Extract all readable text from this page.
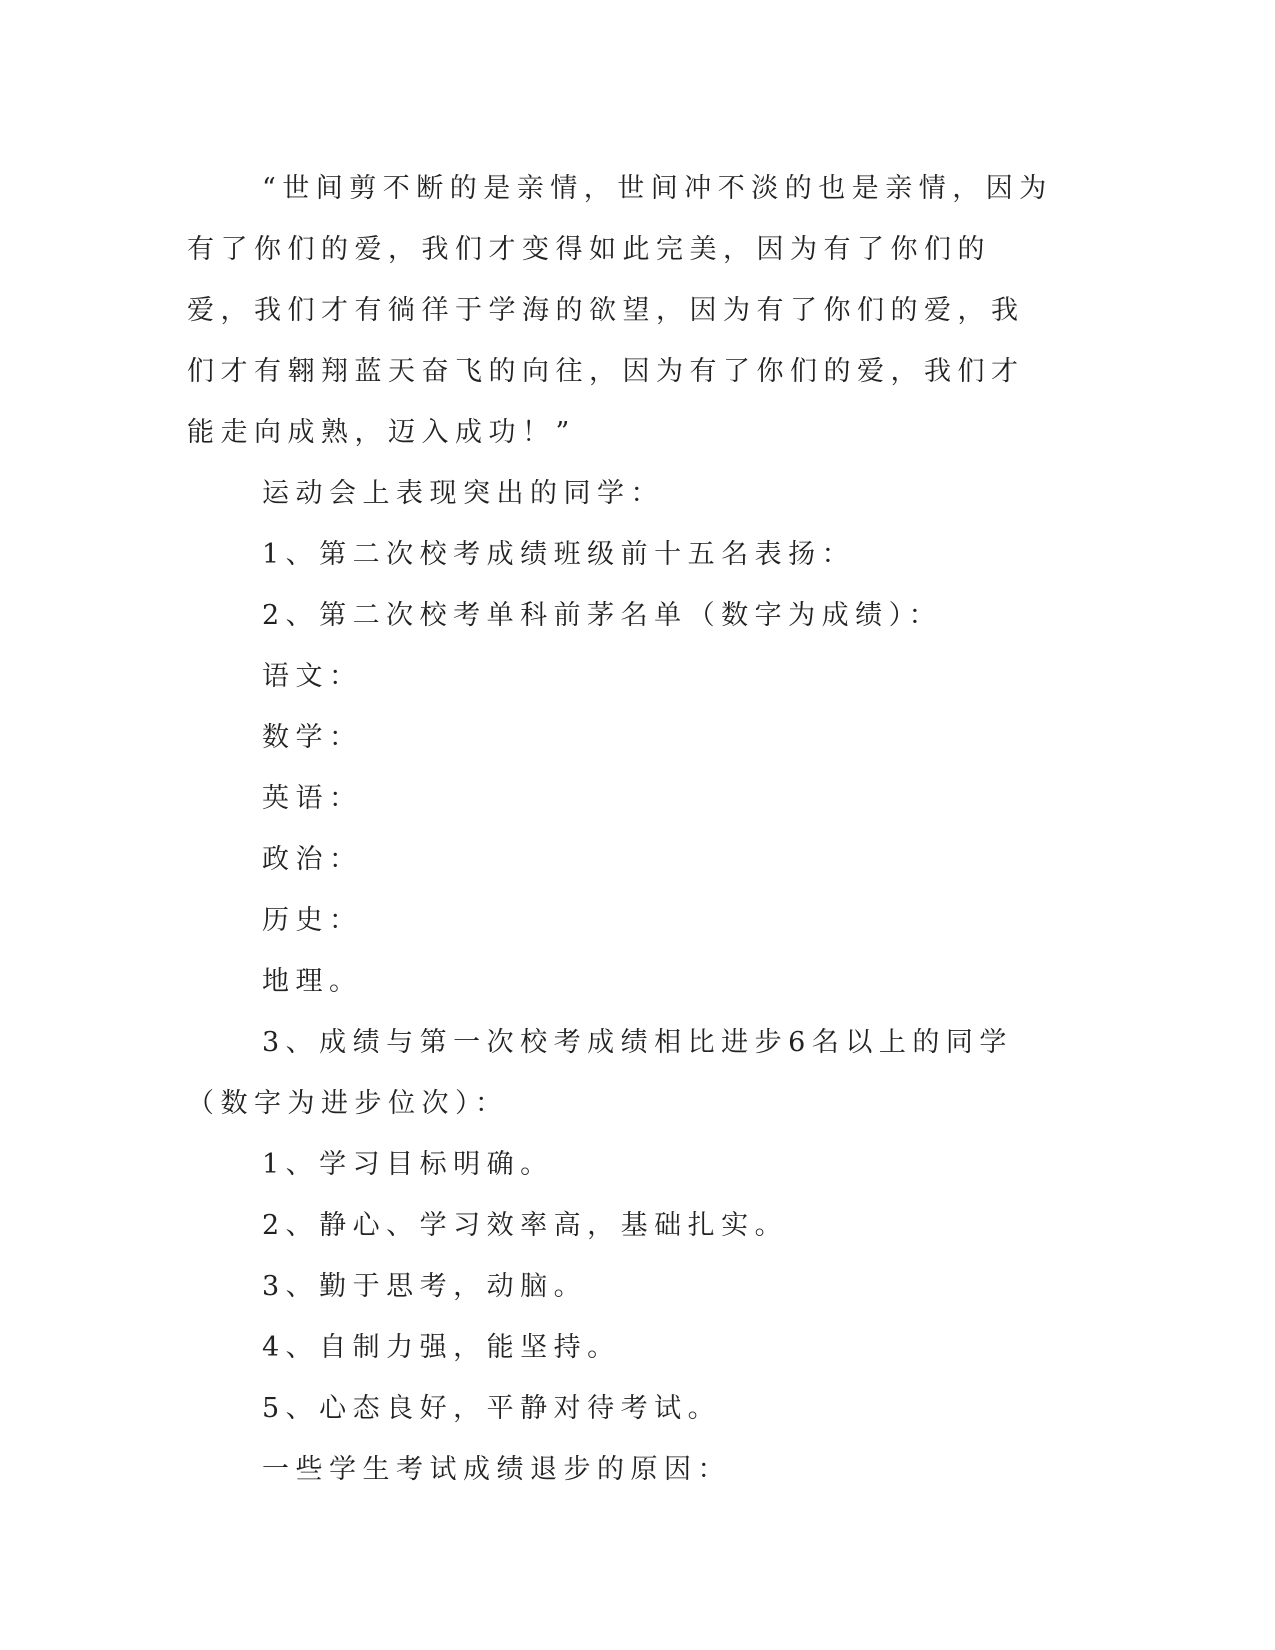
“世间剪不断的是亲情，世间冲不淡的也是亲情，因为有了你们的爱，我们才变得如此完美，因为有了你们的爱，我们才有徜徉于学海的欲望，因为有了你们的爱，我们才有翱翔蓝天奋飞的向往，因为有了你们的爱，我们才能走向成熟，迈入成功！”

运动会上表现突出的同学：

1、第二次校考成绩班级前十五名表扬：

2、第二次校考单科前茅名单（数字为成绩）：

语文：

数学：

英语：

政治：

历史：

地理。

3、成绩与第一次校考成绩相比进步6名以上的同学（数字为进步位次）：

1、学习目标明确。

2、静心、学习效率高，基础扎实。

3、勤于思考，动脑。

4、自制力强，能坚持。

5、心态良好，平静对待考试。

一些学生考试成绩退步的原因：
